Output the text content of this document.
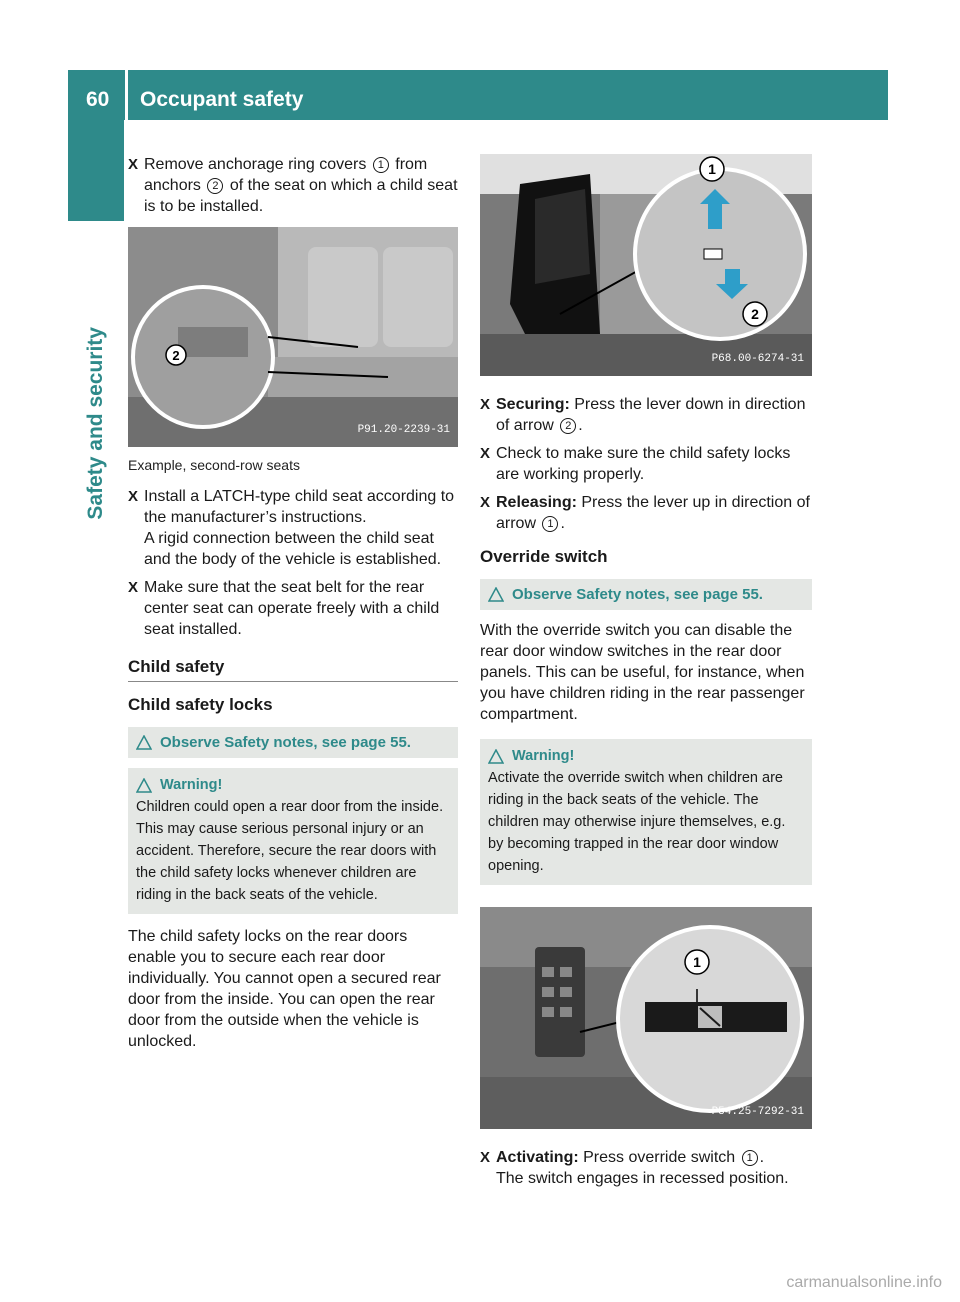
60 Occupant safety
Safety and security
X Remove anchorage ring covers 1 from anchors 2 of the seat on which a child seat is to be installed.
2
P91.20-2239-31
Example, second-row seats
X Install a LATCH-type child seat according to the manufacturer’s instructions.
A rigid connection between the child seat and the body of the vehicle is established.
X Make sure that the seat belt for the rear center seat can operate freely with a child seat installed.
Child safety
Child safety locks
Observe Safety notes, see page 55.
Warning!
Children could open a rear door from the inside. This may cause serious personal injury or an accident. Therefore, secure the rear doors with the child safety locks whenever children are riding in the back seats of the vehicle.
The child safety locks on the rear doors enable you to secure each rear door individually. You cannot open a secured rear door from the inside. You can open the rear door from the outside when the vehicle is unlocked.
1
2
P68.00-6274-31
X Securing: Press the lever down in direction of arrow 2 .
X Check to make sure the child safety locks are working properly.
X Releasing: Press the lever up in direction of arrow 1 .
Override switch
Observe Safety notes, see page 55.
With the override switch you can disable the rear door window switches in the rear door panels. This can be useful, for instance, when you have children riding in the rear passenger compartment.
Warning!
Activate the override switch when children are riding in the back seats of the vehicle. The children may otherwise injure themselves, e.g. by becoming trapped in the rear door window opening.
1
P54.25-7292-31
X Activating: Press override switch 1 .
The switch engages in recessed position.
carmanualsonline.info
